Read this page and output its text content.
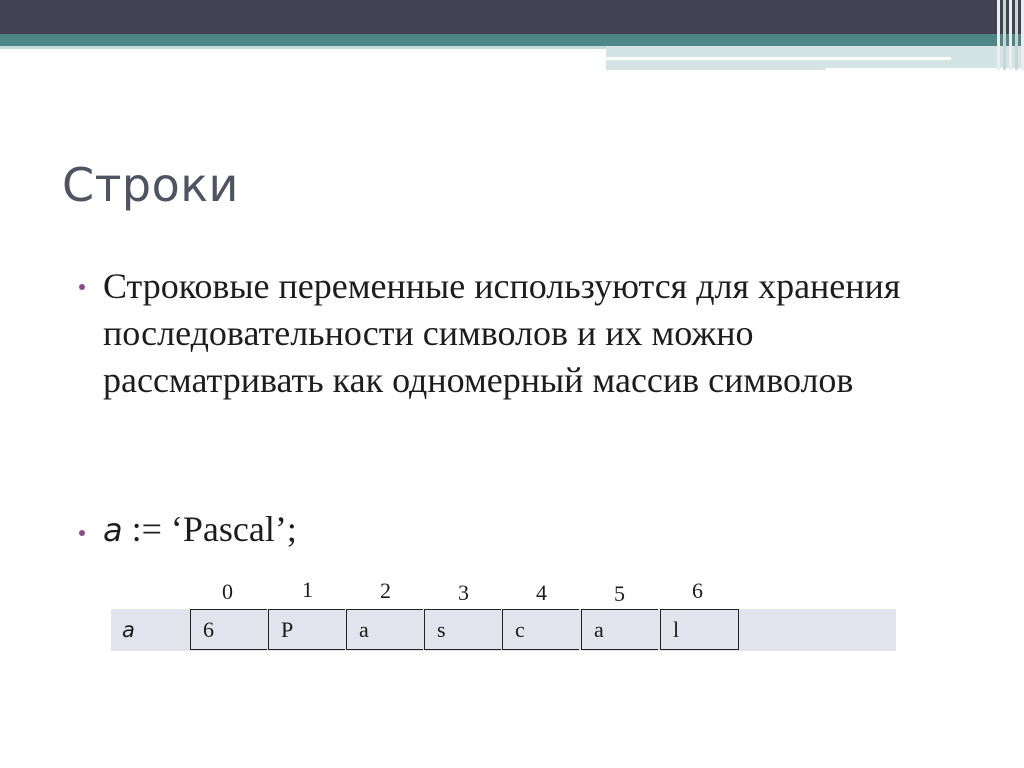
Строки
Строковые переменные используются для хранения последовательности символов и их можно рассматривать как одномерный массив символов
a := ‘Pascal’;
0	1	2	3	4	5	6
a	6	P	a	s	c	a	l
